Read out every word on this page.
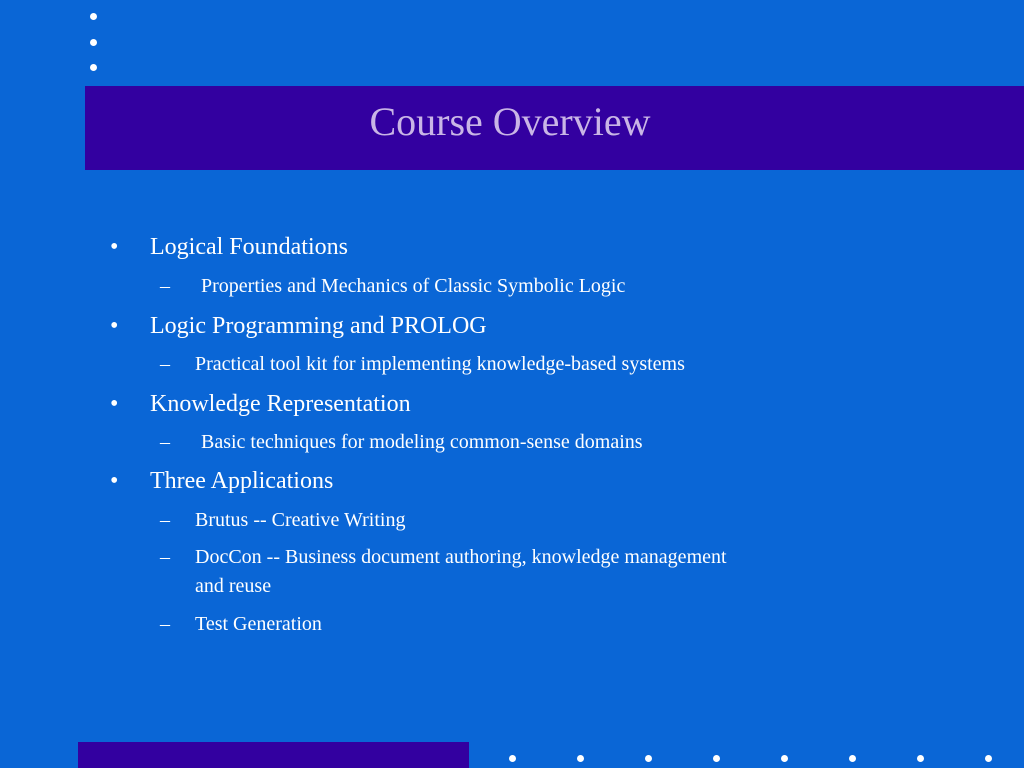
Course Overview
• Logical Foundations
– Properties and Mechanics of Classic Symbolic Logic
• Logic Programming and PROLOG
– Practical tool kit for implementing knowledge-based systems
• Knowledge Representation
– Basic techniques for modeling common-sense domains
• Three Applications
– Brutus -- Creative Writing
– DocCon -- Business document authoring, knowledge management
and reuse
– Test Generation
